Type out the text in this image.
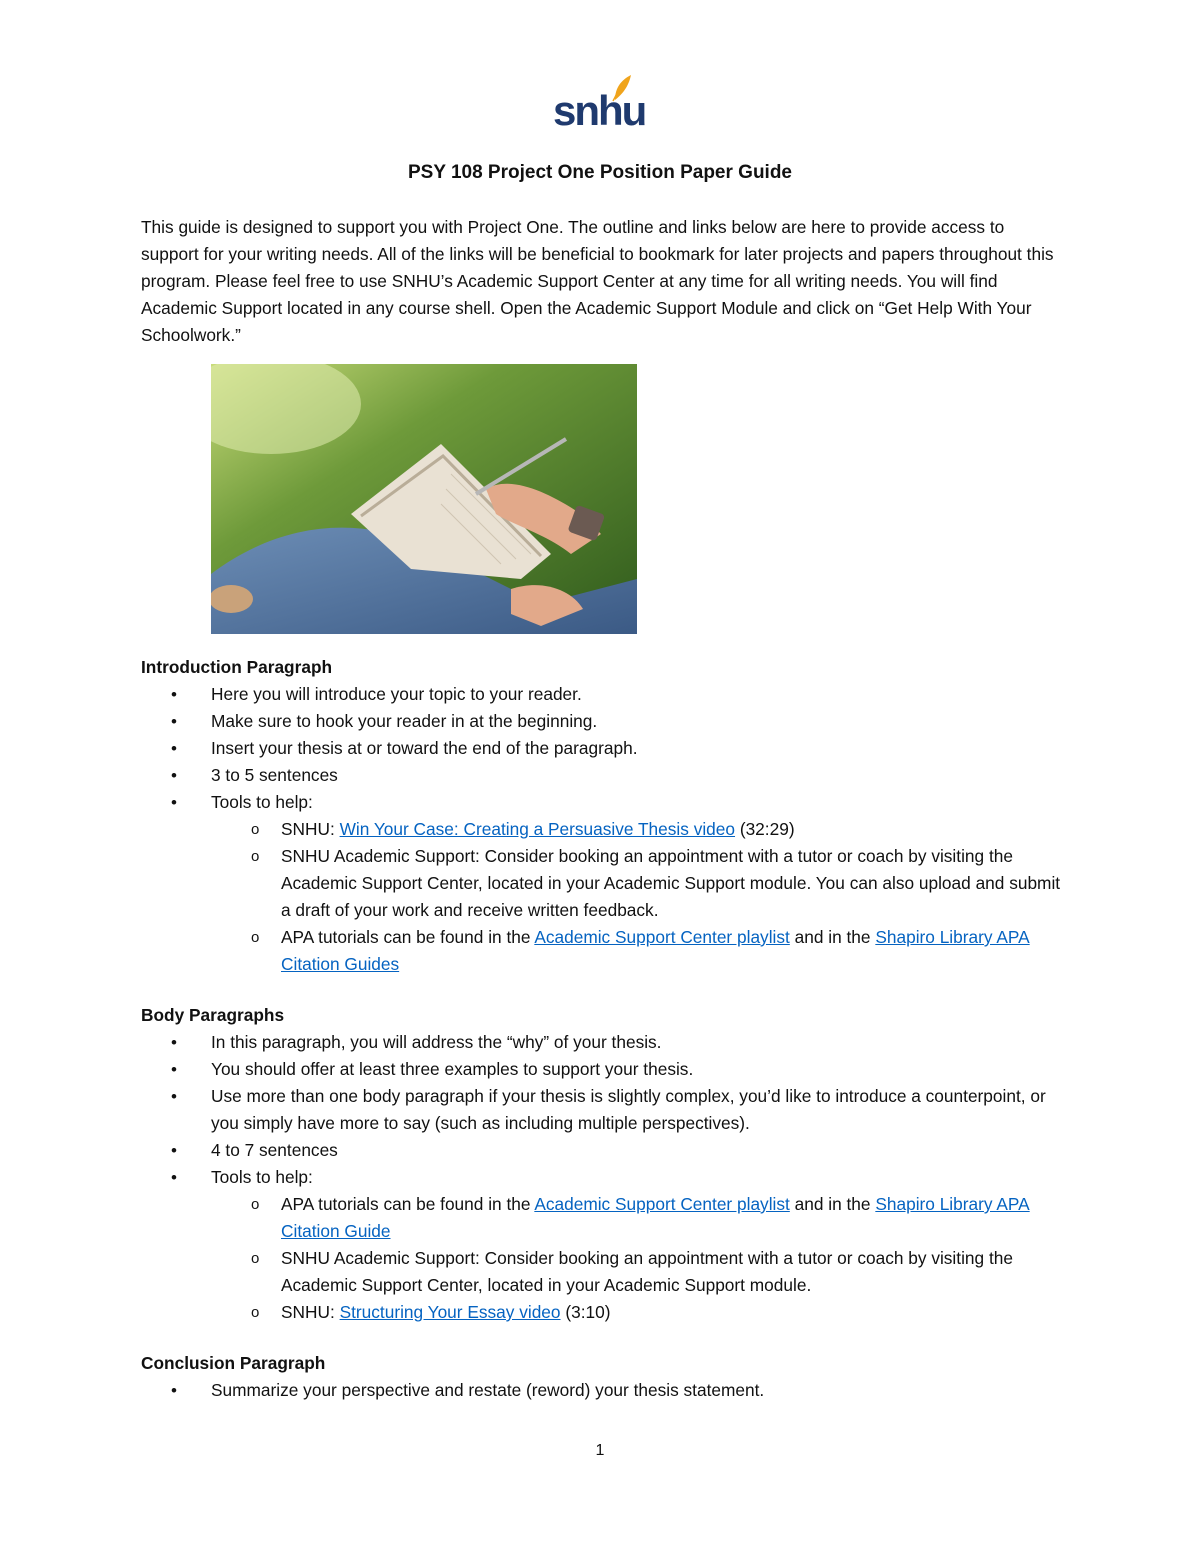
snhu
PSY 108 Project One Position Paper Guide
This guide is designed to support you with Project One. The outline and links below are here to provide access to support for your writing needs. All of the links will be beneficial to bookmark for later projects and papers throughout this program. Please feel free to use SNHU’s Academic Support Center at any time for all writing needs. You will find Academic Support located in any course shell. Open the Academic Support Module and click on “Get Help With Your Schoolwork.”
Introduction Paragraph
• Here you will introduce your topic to your reader.
• Make sure to hook your reader in at the beginning.
• Insert your thesis at or toward the end of the paragraph.
• 3 to 5 sentences
• Tools to help:
o SNHU: Win Your Case: Creating a Persuasive Thesis video (32:29)
o SNHU Academic Support: Consider booking an appointment with a tutor or coach by visiting the Academic Support Center, located in your Academic Support module. You can also upload and submit a draft of your work and receive written feedback.
o APA tutorials can be found in the Academic Support Center playlist and in the Shapiro Library APA Citation Guides
Body Paragraphs
• In this paragraph, you will address the “why” of your thesis.
• You should offer at least three examples to support your thesis.
• Use more than one body paragraph if your thesis is slightly complex, you’d like to introduce a counterpoint, or you simply have more to say (such as including multiple perspectives).
• 4 to 7 sentences
• Tools to help:
o APA tutorials can be found in the Academic Support Center playlist and in the Shapiro Library APA Citation Guide
o SNHU Academic Support: Consider booking an appointment with a tutor or coach by visiting the Academic Support Center, located in your Academic Support module.
o SNHU: Structuring Your Essay video (3:10)
Conclusion Paragraph
• Summarize your perspective and restate (reword) your thesis statement.
1
